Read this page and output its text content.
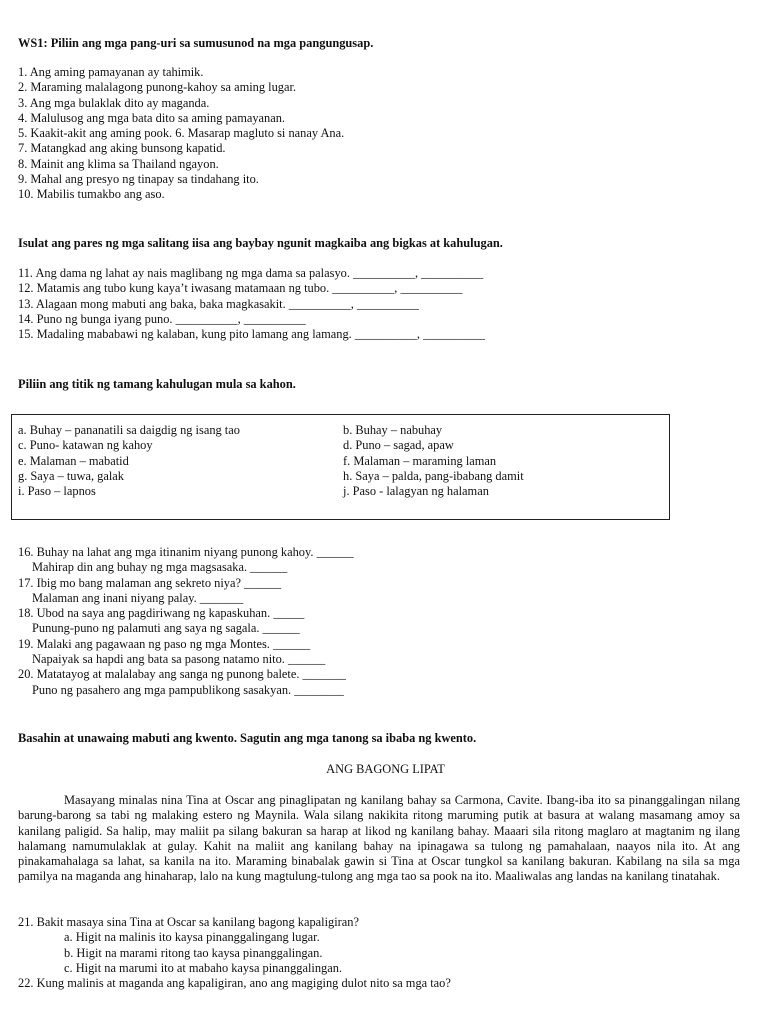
WS1: Piliin ang mga pang-uri sa sumusunod na mga pangungusap.
1. Ang aming pamayanan ay tahimik.
2. Maraming malalagong punong-kahoy sa aming lugar.
3. Ang mga bulaklak dito ay maganda.
4. Malulusog ang mga bata dito sa aming pamayanan.
5. Kaakit-akit ang aming pook. 6. Masarap magluto si nanay Ana.
7. Matangkad ang aking bunsong kapatid.
8. Mainit ang klima sa Thailand ngayon.
9. Mahal ang presyo ng tinapay sa tindahang ito.
10. Mabilis tumakbo ang aso.
Isulat ang pares ng mga salitang iisa ang baybay ngunit magkaiba ang bigkas at kahulugan.
11. Ang dama ng lahat ay nais maglibang ng mga dama sa palasyo. __________, __________
12. Matamis ang tubo kung kaya’t iwasang matamaan ng tubo. __________, __________
13. Alagaan mong mabuti ang baka, baka magkasakit. __________, __________
14. Puno ng bunga iyang puno. __________, __________
15. Madaling mababawi ng kalaban, kung pito lamang ang lamang. __________, __________
Piliin ang titik ng tamang kahulugan mula sa kahon.
a. Buhay – pananatili sa daigdig ng isang tao
c. Puno- katawan ng kahoy
e. Malaman – mabatid
g. Saya – tuwa, galak
i. Paso – lapnos
b. Buhay – nabuhay
d. Puno – sagad, apaw
f. Malaman – maraming laman
h. Saya – palda, pang-ibabang damit
j. Paso - lalagyan ng halaman
16. Buhay na lahat ang mga itinanim niyang punong kahoy. ______
Mahirap din ang buhay ng mga magsasaka. ______
17. Ibig mo bang malaman ang sekreto niya? ______
Malaman ang inani niyang palay. _______
18. Ubod na saya ang pagdiriwang ng kapaskuhan. _____
Punung-puno ng palamuti ang saya ng sagala. ______
19. Malaki ang pagawaan ng paso ng mga Montes. ______
Napaiyak sa hapdi ang bata sa pasong natamo nito. ______
20. Matatayog at malalabay ang sanga ng punong balete. _______
Puno ng pasahero ang mga pampublikong sasakyan. ________
Basahin at unawaing mabuti ang kwento. Sagutin ang mga tanong sa ibaba ng kwento.
ANG BAGONG LIPAT

Masayang minalas nina Tina at Oscar ang pinaglipatan ng kanilang bahay sa Carmona, Cavite. Ibang-iba ito sa pinanggalingan nilang barung-barong sa tabi ng malaking estero ng Maynila. Wala silang nakikita ritong maruming putik at basura at walang masamang amoy sa kanilang paligid. Sa halip, may maliit pa silang bakuran sa harap at likod ng kanilang bahay. Maaari sila ritong maglaro at magtanim ng ilang halamang namumulaklak at gulay. Kahit na maliit ang kanilang bahay na ipinagawa sa tulong ng pamahalaan, naayos nila ito. At ang pinakamahalaga sa lahat, sa kanila na ito. Maraming binabalak gawin si Tina at Oscar tungkol sa kanilang bakuran. Kabilang na sila sa mga pamilya na maganda ang hinaharap, lalo na kung magtulung-tulong ang mga tao sa pook na ito. Maaliwalas ang landas na kanilang tinatahak.

21. Bakit masaya sina Tina at Oscar sa kanilang bagong kapaligiran?
a. Higit na malinis ito kaysa pinanggalingang lugar.
b. Higit na marami ritong tao kaysa pinanggalingan.
c. Higit na marumi ito at mabaho kaysa pinanggalingan.
22. Kung malinis at maganda ang kapaligiran, ano ang magiging dulot nito sa mga tao?
